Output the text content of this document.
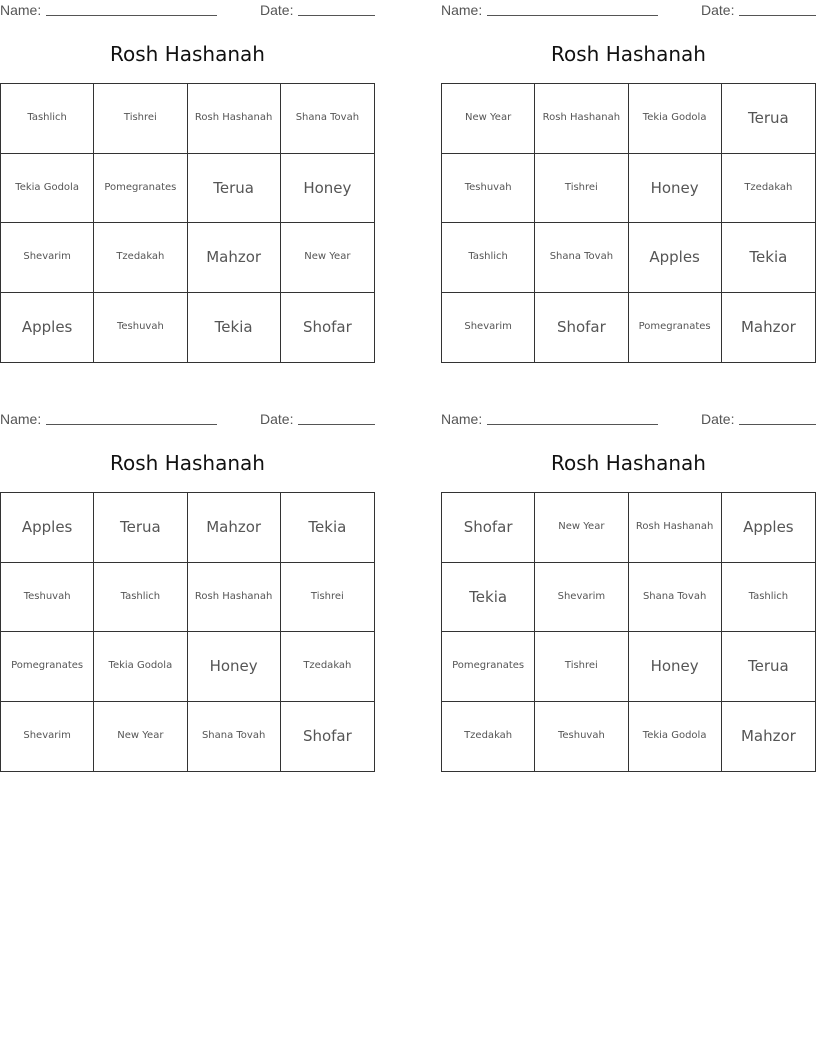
Name:	Date:
Rosh Hashanah
Tashlich	Tishrei	Rosh Hashanah	Shana Tovah
Tekia Godola	Pomegranates	Terua	Honey
Shevarim	Tzedakah	Mahzor	New Year
Apples	Teshuvah	Tekia	Shofar
Name:	Date:
Rosh Hashanah
New Year	Rosh Hashanah	Tekia Godola	Terua
Teshuvah	Tishrei	Honey	Tzedakah
Tashlich	Shana Tovah	Apples	Tekia
Shevarim	Shofar	Pomegranates	Mahzor
Name:	Date:
Rosh Hashanah
Apples	Terua	Mahzor	Tekia
Teshuvah	Tashlich	Rosh Hashanah	Tishrei
Pomegranates	Tekia Godola	Honey	Tzedakah
Shevarim	New Year	Shana Tovah	Shofar
Name:	Date:
Rosh Hashanah
Shofar	New Year	Rosh Hashanah	Apples
Tekia	Shevarim	Shana Tovah	Tashlich
Pomegranates	Tishrei	Honey	Terua
Tzedakah	Teshuvah	Tekia Godola	Mahzor
